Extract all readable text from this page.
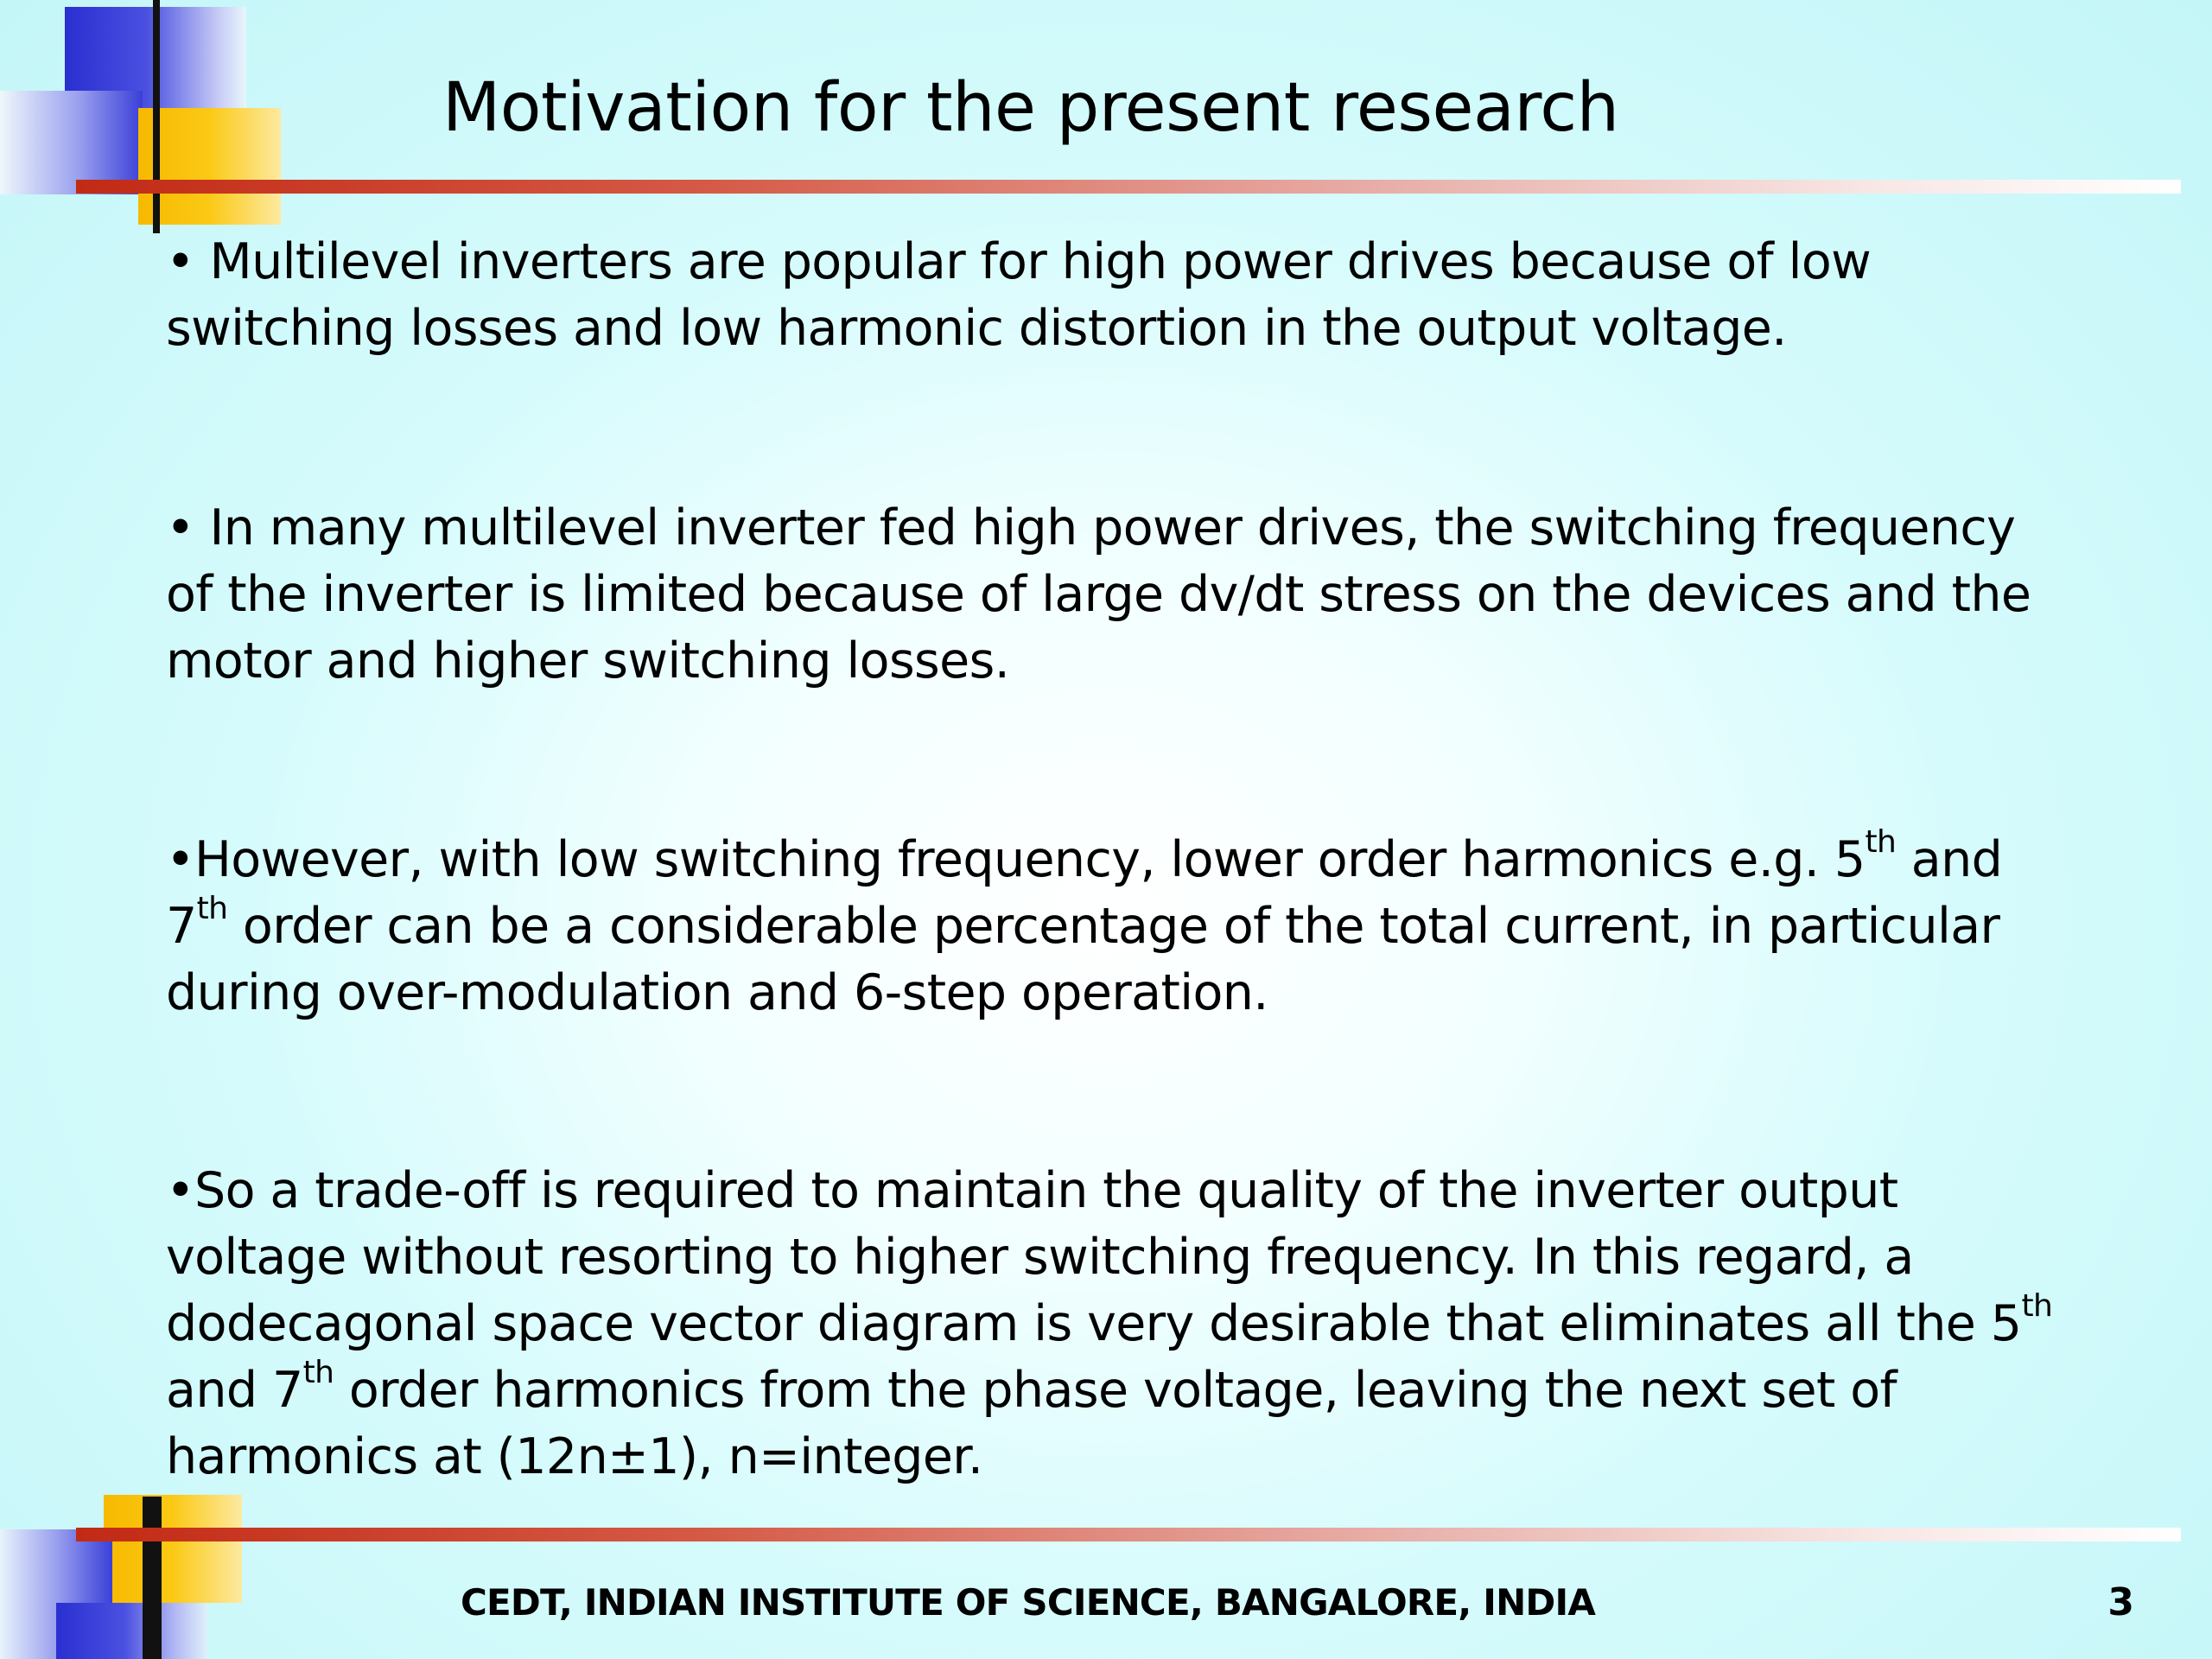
Motivation for the present research
• Multilevel inverters are popular for high power drives because of low switching losses and low harmonic distortion in the output voltage.
• In many multilevel inverter fed high power drives, the switching frequency of the inverter is limited because of large dv/dt stress on the devices and the motor and higher switching losses.
•However, with low switching frequency, lower order harmonics e.g. 5th and 7th order can be a considerable percentage of the total current, in particular during over-modulation and 6-step operation.
•So a trade-off is required to maintain the quality of the inverter output voltage without resorting to higher switching frequency. In this regard, a dodecagonal space vector diagram is very desirable that eliminates all the 5th and 7th order harmonics from the phase voltage, leaving the next set of harmonics at (12n±1), n=integer.
CEDT, INDIAN INSTITUTE OF SCIENCE, BANGALORE, INDIA	3
